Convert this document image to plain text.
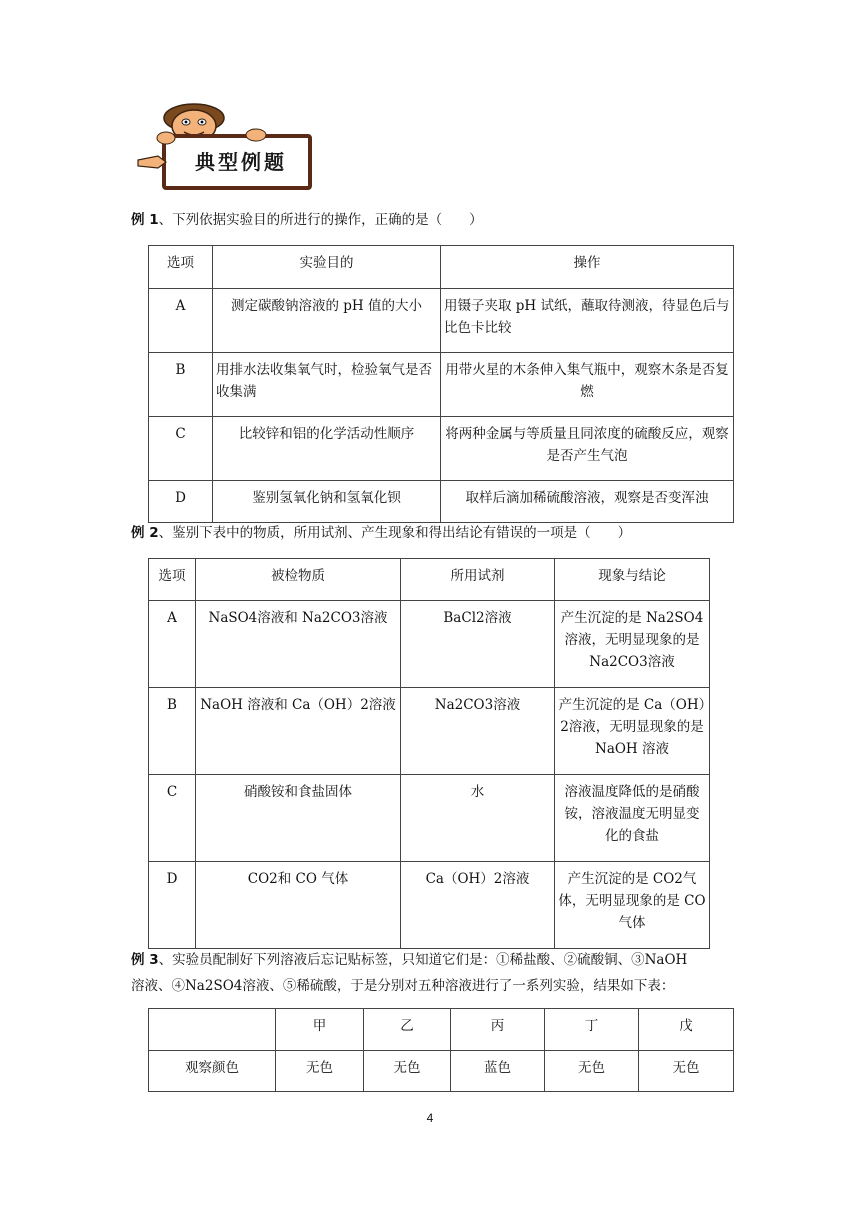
典型例题
例 1、下列依据实验目的所进行的操作，正确的是（　　）
选项	实验目的	操作
A	测定碳酸钠溶液的 pH 值的大小	用镊子夹取 pH 试纸，蘸取待测液，待显色后与比色卡比较
B	用排水法收集氧气时，检验氧气是否收集满	用带火星的木条伸入集气瓶中，观察木条是否复燃
C	比较锌和铝的化学活动性顺序	将两种金属与等质量且同浓度的硫酸反应，观察是否产生气泡
D	鉴别氢氧化钠和氢氧化钡	取样后滴加稀硫酸溶液，观察是否变浑浊
例 2、鉴别下表中的物质，所用试剂、产生现象和得出结论有错误的一项是（　　）
选项	被检物质	所用试剂	现象与结论
A	NaSO4溶液和 Na2CO3溶液	BaCl2溶液	产生沉淀的是 Na2SO4溶液，无明显现象的是 Na2CO3溶液
B	NaOH 溶液和 Ca（OH）2溶液	Na2CO3溶液	产生沉淀的是 Ca（OH）2溶液，无明显现象的是 NaOH 溶液
C	硝酸铵和食盐固体	水	溶液温度降低的是硝酸铵，溶液温度无明显变化的食盐
D	CO2和 CO 气体	Ca（OH）2溶液	产生沉淀的是 CO2气体，无明显现象的是 CO 气体
例 3、实验员配制好下列溶液后忘记贴标签，只知道它们是：①稀盐酸、②硫酸铜、③NaOH
溶液、④Na2SO4溶液、⑤稀硫酸，于是分别对五种溶液进行了一系列实验，结果如下表：
	甲	乙	丙	丁	戊
观察颜色	无色	无色	蓝色	无色	无色
4
